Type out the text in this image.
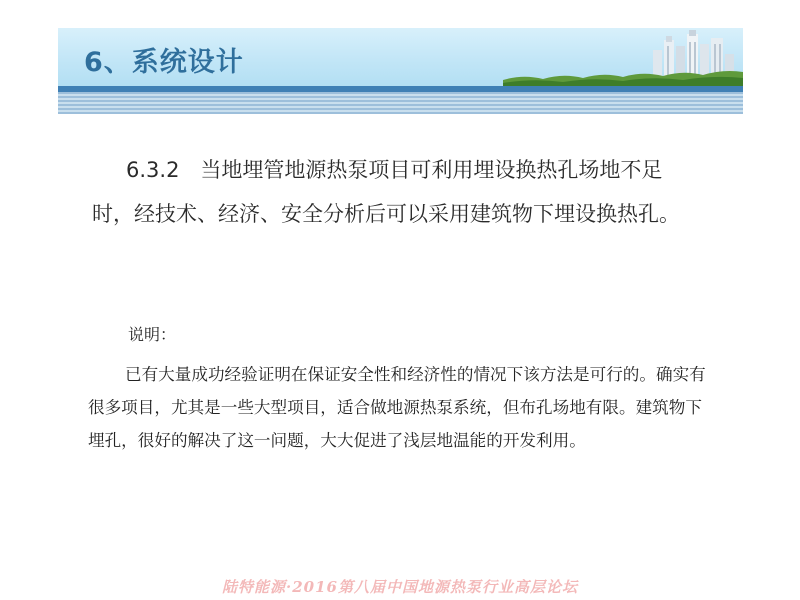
6、系统设计

6.3.2　当地埋管地源热泵项目可利用埋设换热孔场地不足时，经技术、经济、安全分析后可以采用建筑物下埋设换热孔。

说明：

已有大量成功经验证明在保证安全性和经济性的情况下该方法是可行的。确实有很多项目，尤其是一些大型项目，适合做地源热泵系统，但布孔场地有限。建筑物下埋孔，很好的解决了这一问题，大大促进了浅层地温能的开发利用。

陆特能源·2016第八届中国地源热泵行业高层论坛
